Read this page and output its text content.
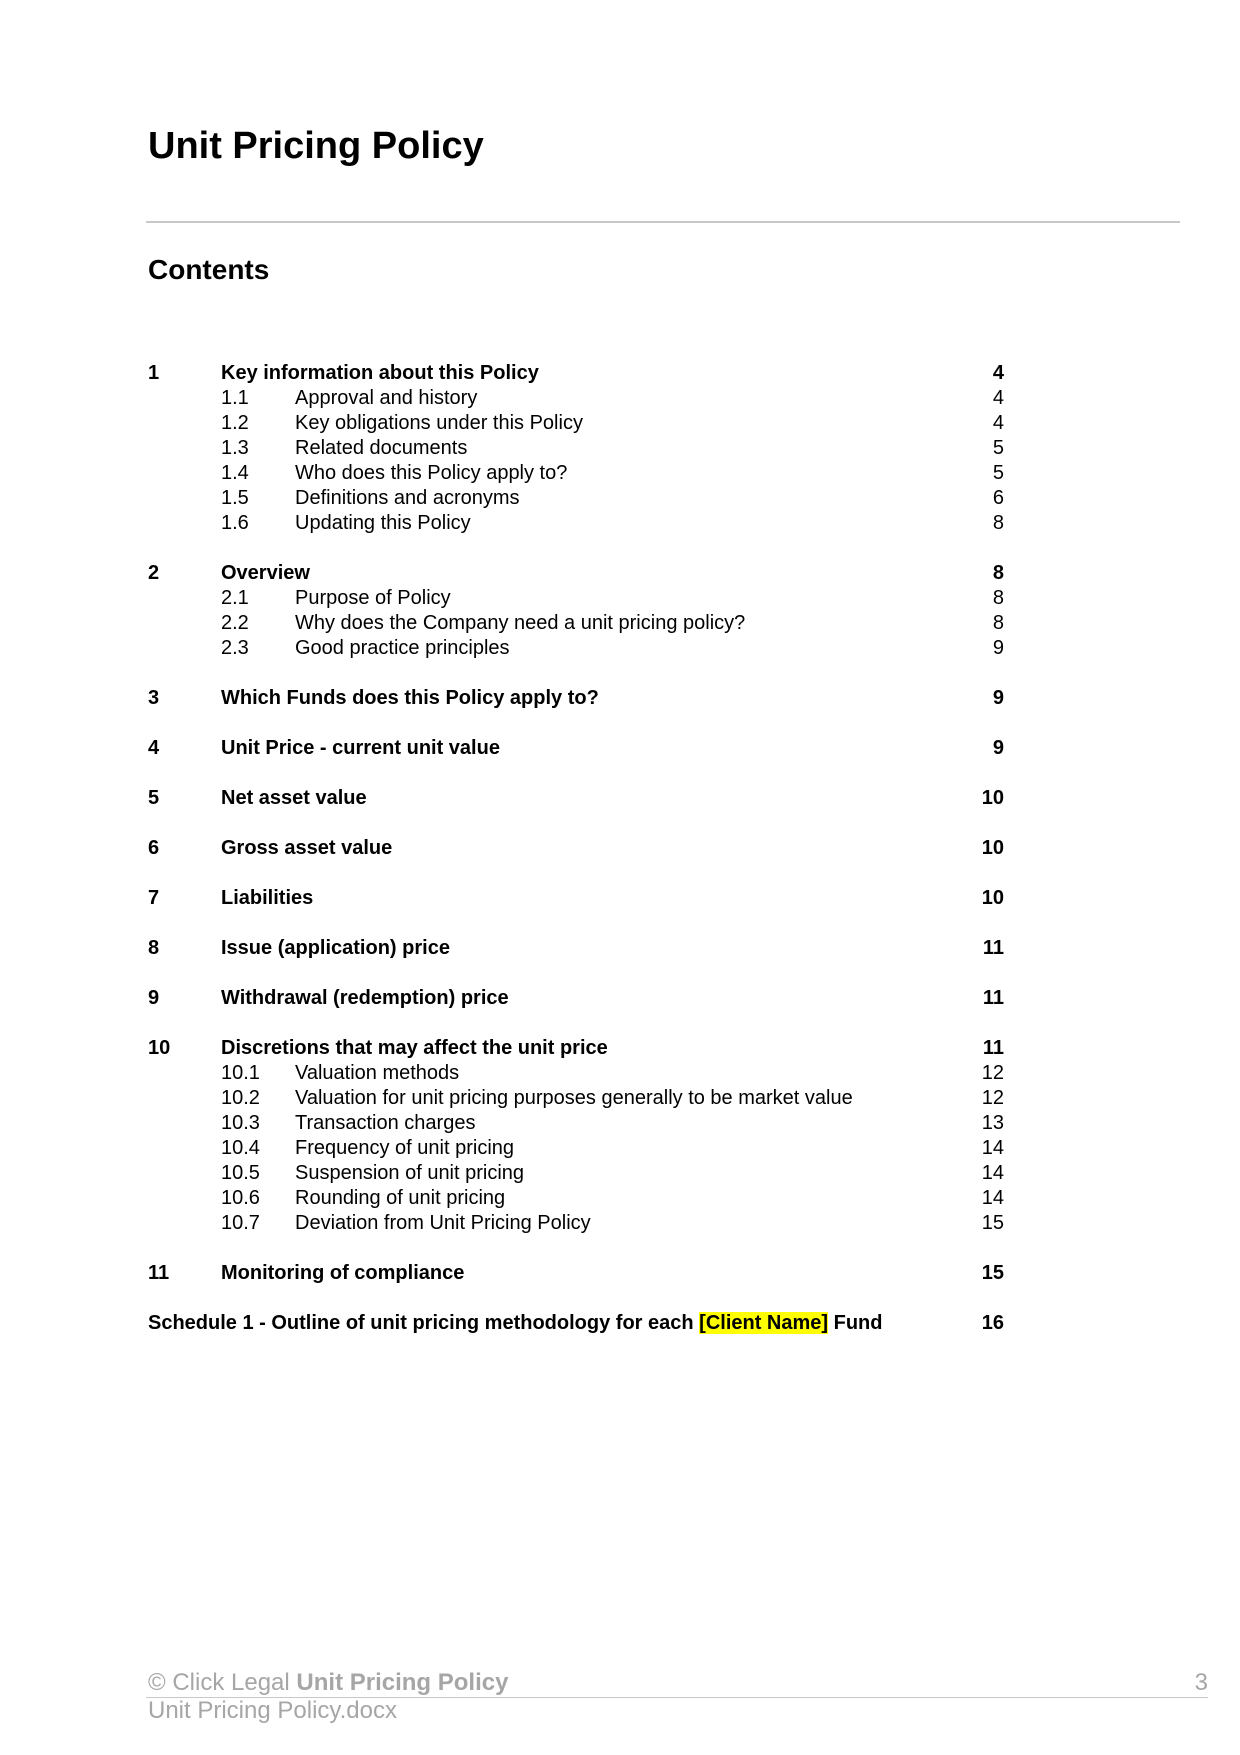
Unit Pricing Policy
Contents
1	Key information about this Policy	4
1.1 Approval and history	4
1.2 Key obligations under this Policy	4
1.3 Related documents	5
1.4 Who does this Policy apply to?	5
1.5 Definitions and acronyms	6
1.6 Updating this Policy	8
2	Overview	8
2.1 Purpose of Policy	8
2.2 Why does the Company need a unit pricing policy?	8
2.3 Good practice principles	9
3	Which Funds does this Policy apply to?	9
4	Unit Price - current unit value	9
5	Net asset value	10
6	Gross asset value	10
7	Liabilities	10
8	Issue (application) price	11
9	Withdrawal (redemption) price	11
10	Discretions that may affect the unit price	11
10.1 Valuation methods	12
10.2 Valuation for unit pricing purposes generally to be market value	12
10.3 Transaction charges	13
10.4 Frequency of unit pricing	14
10.5 Suspension of unit pricing	14
10.6 Rounding of unit pricing	14
10.7 Deviation from Unit Pricing Policy	15
11	Monitoring of compliance	15
Schedule 1 - Outline of unit pricing methodology for each [Client Name] Fund	16
© Click Legal Unit Pricing Policy	3
Unit Pricing Policy.docx
